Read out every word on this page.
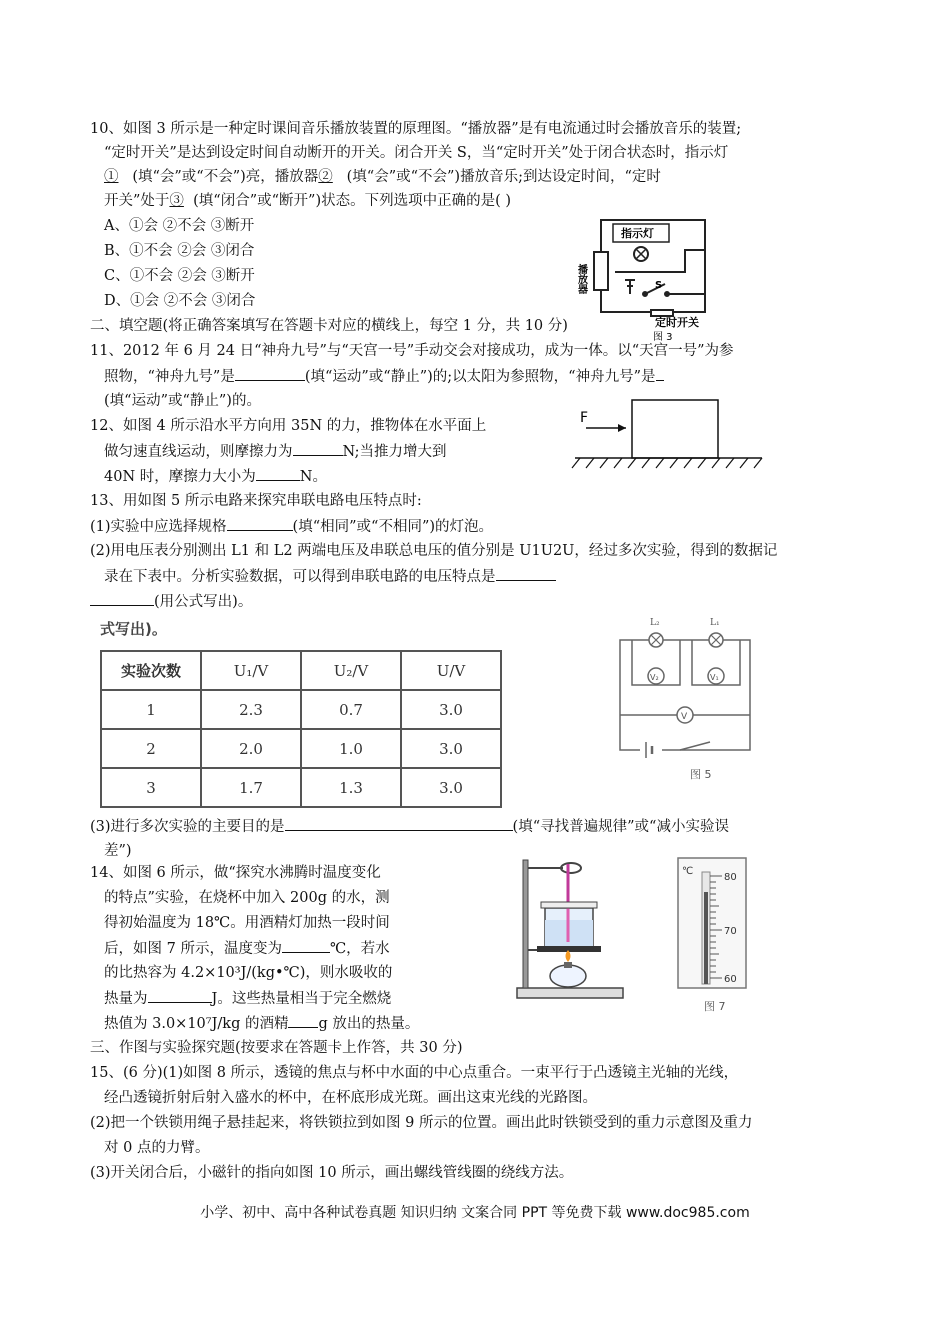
10、如图 3 所示是一种定时课间音乐播放装置的原理图。“播放器”是有电流通过时会播放音乐的装置;
“定时开关”是达到设定时间自动断开的开关。闭合开关 S，当“定时开关”处于闭合状态时，指示灯
① (填“会”或“不会”)亮，播放器② (填“会”或“不会”)播放音乐;到达设定时间，“定时
开关”处于③ (填“闭合”或“断开”)状态。下列选项中正确的是( )
A、①会 ②不会 ③断开
B、①不会 ②会 ③闭合
C、①不会 ②会 ③断开
D、①会 ②不会 ③闭合
指示灯
播放器	S
定时开关
图 3
二、填空题(将正确答案填写在答题卡对应的横线上，每空 1 分，共 10 分)
11、2012 年 6 月 24 日“神舟九号”与“天宫一号”手动交会对接成功，成为一体。以“天宫一号”为参
照物，“神舟九号”是	(填“运动”或“静止”)的;以太阳为参照物，“神舟九号”是
(填“运动”或“静止”)的。
12、如图 4 所示沿水平方向用 35N 的力，推物体在水平面上
做匀速直线运动，则摩擦力为	N;当推力增大到
40N 时，摩擦力大小为	N。
F
13、用如图 5 所示电路来探究串联电路电压特点时:
(1)实验中应选择规格	(填“相同”或“不相同”)的灯泡。
(2)用电压表分别测出 L1 和 L2 两端电压及串联总电压的值分别是 U1U2U，经过多次实验，得到的数据记
录在下表中。分析实验数据，可以得到串联电路的电压特点是
(用公式写出)。
式写出)。
实验次数	U₁/V	U₂/V	U/V
1	2.3	0.7	3.0
2	2.0	1.0	3.0
3	1.7	1.3	3.0
L₂	L₁
V₂	V₁
V
图 5
(3)进行多次实验的主要目的是	(填“寻找普遍规律”或“减小实验误
差”)
14、如图 6 所示，做“探究水沸腾时温度变化
的特点”实验，在烧杯中加入 200g 的水，测
得初始温度为 18℃。用酒精灯加热一段时间
后，如图 7 所示，温度变为	℃，若水
的比热容为 4.2×10³J/(kg•℃)，则水吸收的
热量为	J。这些热量相当于完全燃烧
热值为 3.0×10⁷J/kg 的酒精 g 放出的热量。
℃
80
70
60
图 7
三、作图与实验探究题(按要求在答题卡上作答，共 30 分)
15、(6 分)(1)如图 8 所示，透镜的焦点与杯中水面的中心点重合。一束平行于凸透镜主光轴的光线，
经凸透镜折射后射入盛水的杯中，在杯底形成光斑。画出这束光线的光路图。
(2)把一个铁锁用绳子悬挂起来，将铁锁拉到如图 9 所示的位置。画出此时铁锁受到的重力示意图及重力
对 0 点的力臂。
(3)开关闭合后，小磁针的指向如图 10 所示，画出螺线管线圈的绕线方法。
小学、初中、高中各种试卷真题 知识归纳 文案合同 PPT 等免费下载 www.doc985.com
